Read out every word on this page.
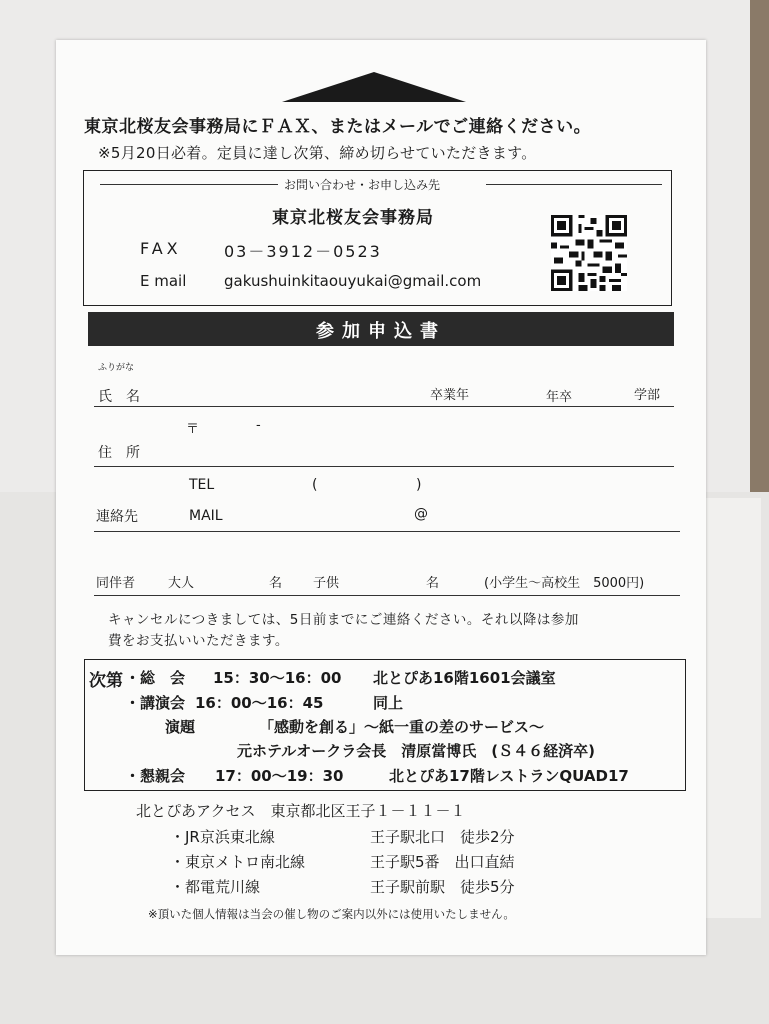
東京北桜友会事務局にＦＡＸ、またはメールでご連絡ください。
※5月20日必着。定員に達し次第、締め切らせていただきます。
お問い合わせ・お申し込み先
東京北桜友会事務局
FAX	03－3912－0523
E mail	gakushuinkitaouyukai@gmail.com
参加申込書
ふりがな
氏　名	卒業年	年卒	学部
〒	-
住　所
TEL	(	)
連絡先	MAIL	@
同伴者	大人	名 子供	名	(小学生～高校生　5000円)
キャンセルにつきましては、5日前までにご連絡ください。それ以降は参加
費をお支払いいただきます。
次第 ・総　会 15：30～16：00 北とぴあ16階1601会議室
・講演会 16：00～16：45	同上
演題	「感動を創る」～紙一重の差のサービス～
元ホテルオークラ会長　清原當博氏　(Ｓ４６経済卒)
・懇親会 17：00～19：30	北とぴあ17階レストランQUAD17
北とぴあアクセス　東京都北区王子１－１１－１
・JR京浜東北線	王子駅北口　徒歩2分
・東京メトロ南北線	王子駅5番　出口直結
・都電荒川線	王子駅前駅　徒歩5分
※頂いた個人情報は当会の催し物のご案内以外には使用いたしません。
